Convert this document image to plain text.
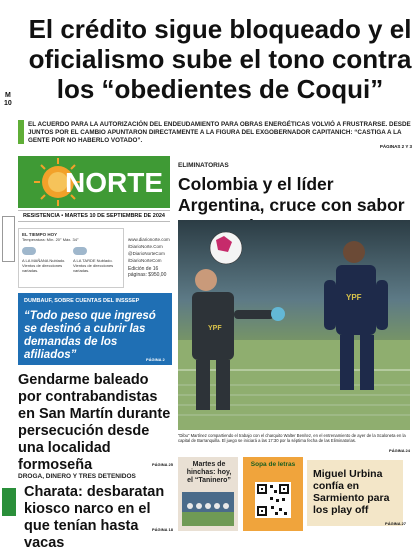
El crédito sigue bloqueado y el oficialismo sube el tono contra los “obedientes de Coqui”
M
10
EL ACUERDO PARA LA AUTORIZACIÓN DEL ENDEUDAMIENTO PARA OBRAS ENERGÉTICAS VOLVIÓ A FRUSTRARSE. DESDE JUNTOS POR EL CAMBIO APUNTARON DIRECTAMENTE A LA FIGURA DEL EXGOBERNADOR CAPITANICH: “CASTIGA A LA GENTE POR NO HABERLO VOTADO”.
PÁGINAS 2 Y 3
NORTE
RESISTENCIA • MARTES 10 DE SEPTIEMBRE DE 2024
EL TIEMPO HOY
Temperatura: Mín. 20° Máx. 34°
A LA MAÑANA Nublado. Vientos de direcciones variadas.
A LA TARDE Nublado. Vientos de direcciones variadas.
www.diarionorte.com
/DiarioNorte.Com
@DiarioNorteCom
/DiarioNorteCom
Edición de 16 páginas: $950,00
DUMBAUF, SOBRE CUENTAS DEL INSSSEP
“Todo peso que ingresó se destinó a cubrir las demandas de los afiliados”	PÁGINA 2
Gendarme baleado por contrabandistas en San Martín durante persecución desde una localidad formoseña	PÁGINA 25
DROGA, DINERO Y TRES DETENIDOS
Charata: desbaratan kiosco narco en el que tenían hasta vacas
PÁGINA 18
ELIMINATORIAS
Colombia y el líder Argentina, cruce con sabor
YPF
YPF
“Dibu” Martínez compartiendo el trabajo con el charquito Walter Benítez, en el entrenamiento de ayer de la Scaloneta en la capital de Barranquilla. El juego se iniciará a las 17:30 por la séptima fecha de las Eliminatorias.
PÁGINA 24
Martes de hinchas: hoy, el “Taninero”
Sopa de letras
Miguel Urbina confía en Sarmiento para los play off
PÁGINA 27
